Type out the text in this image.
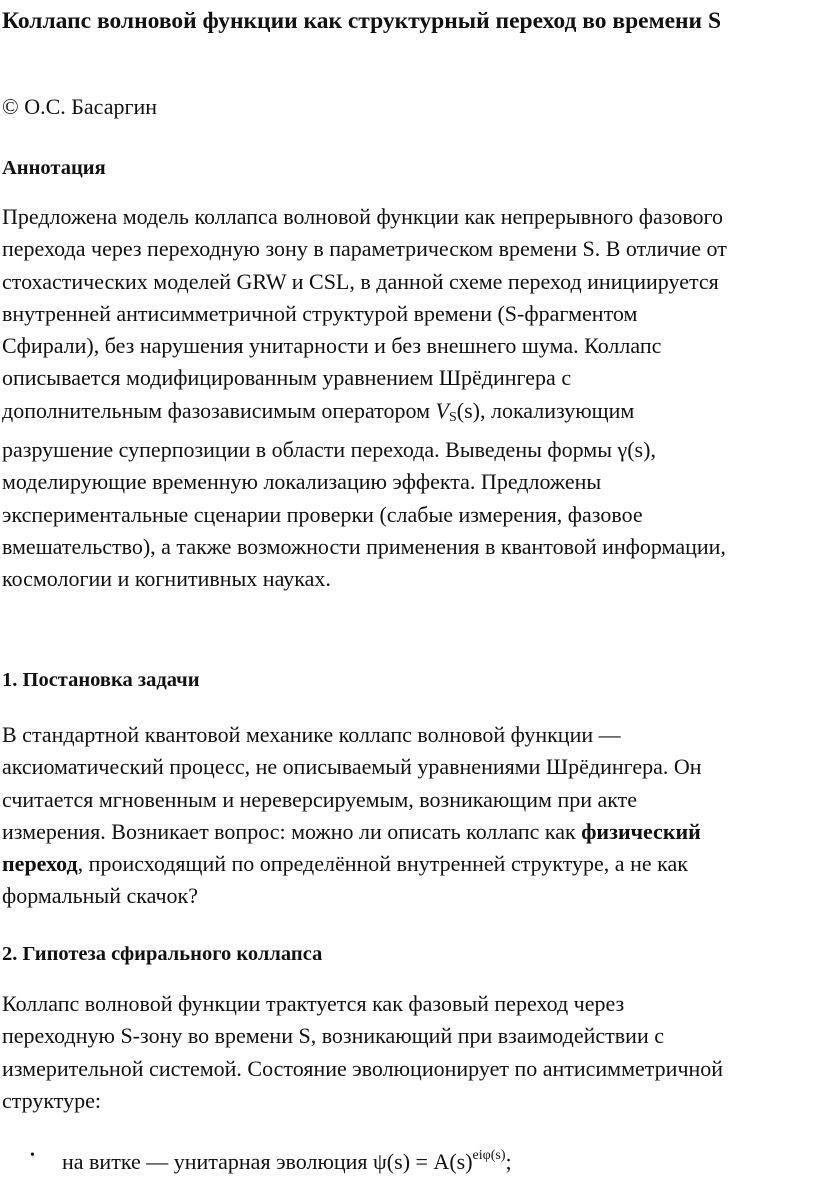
Коллапс волновой функции как структурный переход во времени S

© О.С. Басаргин

Аннотация
Предложена модель коллапса волновой функции как непрерывного фазового
перехода через переходную зону в параметрическом времени S. В отличие от
стохастических моделей GRW и CSL, в данной схеме переход инициируется
внутренней антисимметричной структурой времени (S-фрагментом
Сфирали), без нарушения унитарности и без внешнего шума. Коллапс
описывается модифицированным уравнением Шрёдингера с
дополнительным фазозависимым оператором $V_S(s)$, локализующим
разрушение суперпозиции в области перехода. Выведены формы γ(s),
моделирующие временную локализацию эффекта. Предложены
экспериментальные сценарии проверки (слабые измерения, фазовое
вмешательство), а также возможности применения в квантовой информации,
космологии и когнитивных науках.
1. Постановка задачи
В стандартной квантовой механике коллапс волновой функции —
аксиоматический процесс, не описываемый уравнениями Шрёдингера. Он
считается мгновенным и нереверсируемым, возникающим при акте
измерения. Возникает вопрос: можно ли описать коллапс как физический
переход, происходящий по определённой внутренней структуре, а не как
формальный скачок?
2. Гипотеза сфирального коллапса
Коллапс волновой функции трактуется как фазовый переход через
переходную S-зону во времени S, возникающий при взаимодействии с
измерительной системой. Состояние эволюционирует по антисимметричной
структуре:
• на витке — унитарная эволюция $\psi(s) = A(s)^{ei\varphi(s)}$;
